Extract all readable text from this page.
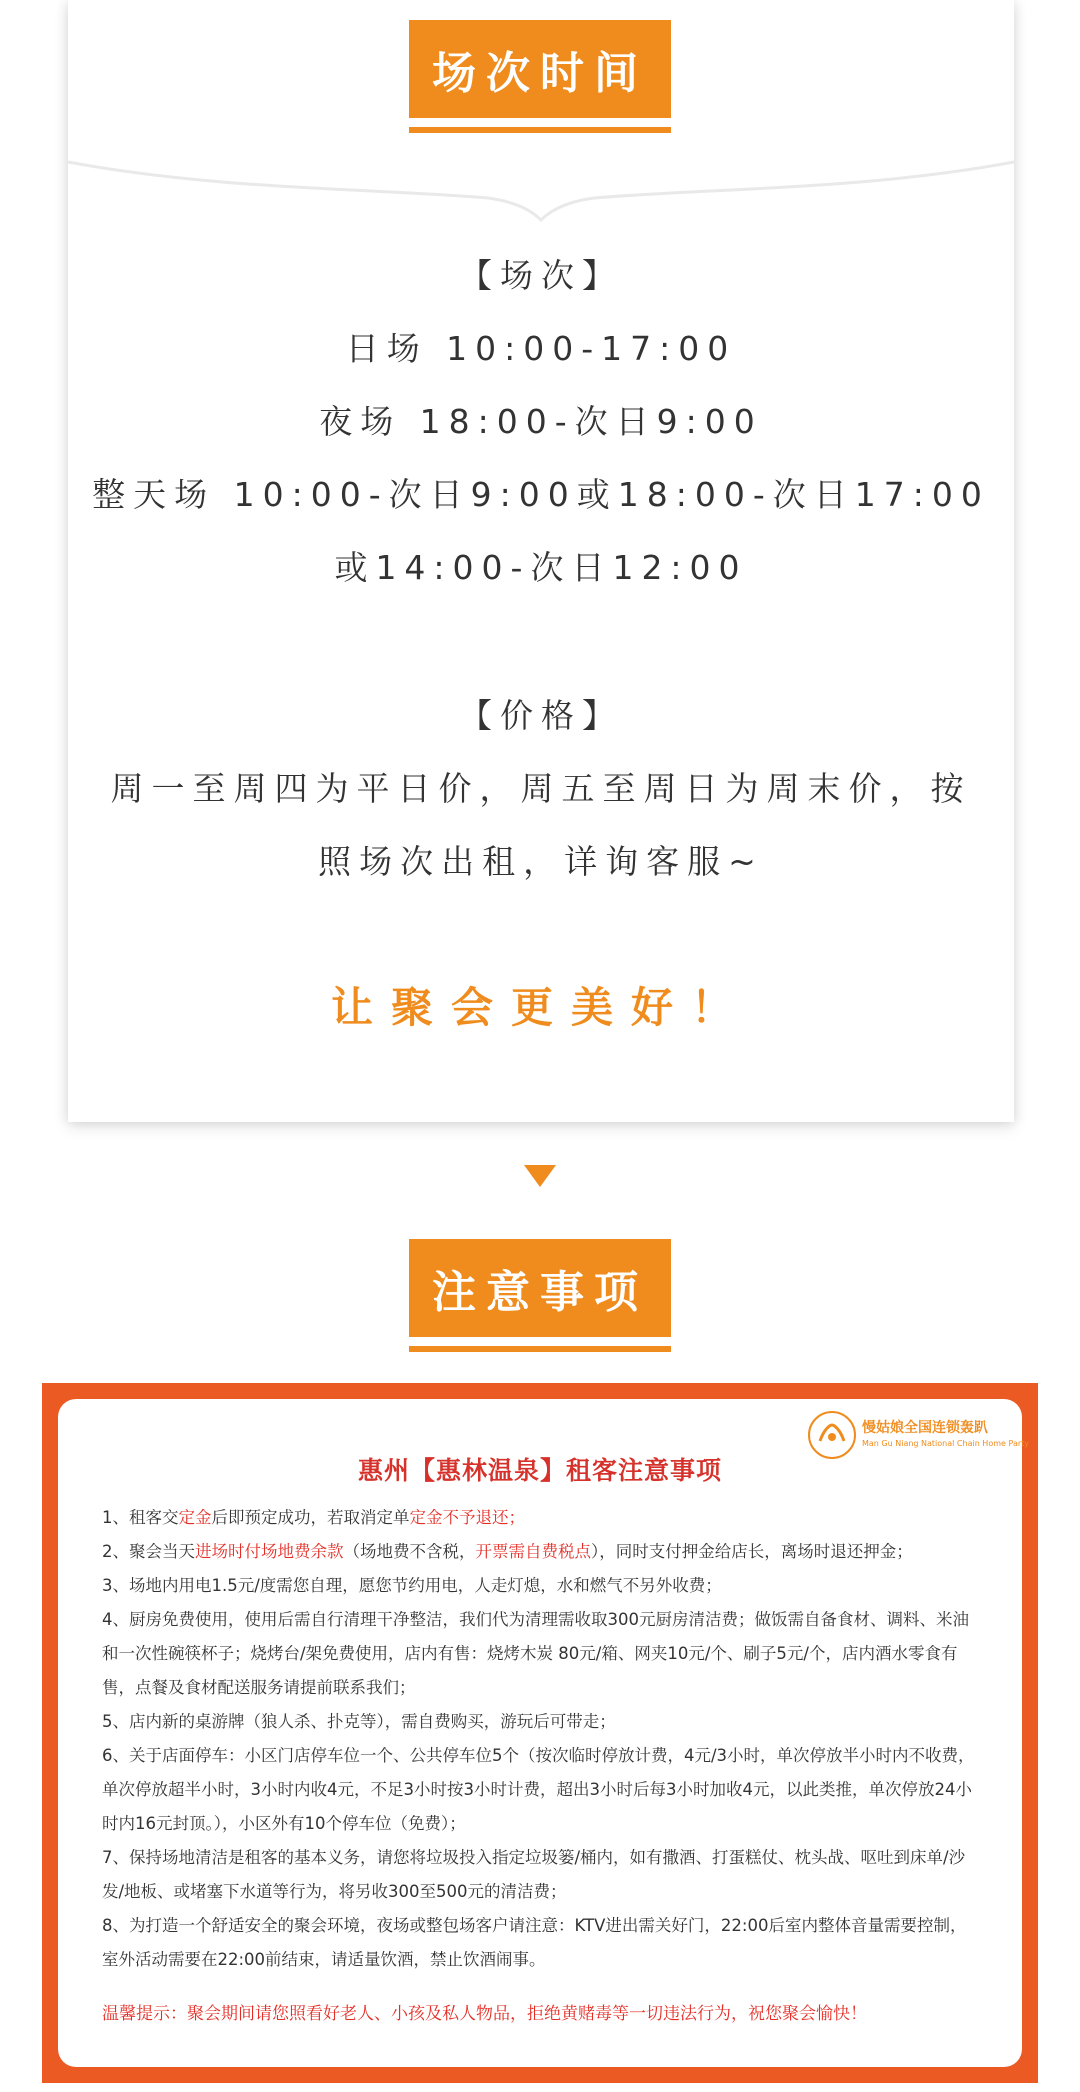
场次时间
【场次】
日场 10:00-17:00
夜场 18:00-次日9:00
整天场 10:00-次日9:00或18:00-次日17:00
或14:00-次日12:00
【价格】
周一至周四为平日价，周五至周日为周末价，按
照场次出租，详询客服~
让聚会更美好！
注意事项
慢姑娘全国连锁轰趴
Man Gu Niang National Chain Home Party
惠州【惠林温泉】租客注意事项

1、租客交定金后即预定成功，若取消定单定金不予退还；

2、聚会当天进场时付场地费余款（场地费不含税，开票需自费税点），同时支付押金给店长，离场时退还押金；

3、场地内用电1.5元/度需您自理，愿您节约用电，人走灯熄，水和燃气不另外收费；

4、厨房免费使用，使用后需自行清理干净整洁，我们代为清理需收取300元厨房清洁费；做饭需自备食材、调料、米油和一次性碗筷杯子；烧烤台/架免费使用，店内有售：烧烤木炭 80元/箱、网夹10元/个、刷子5元/个，店内酒水零食有售，点餐及食材配送服务请提前联系我们；

5、店内新的桌游牌（狼人杀、扑克等），需自费购买，游玩后可带走；

6、关于店面停车：小区门店停车位一个、公共停车位5个（按次临时停放计费，4元/3小时，单次停放半小时内不收费，单次停放超半小时，3小时内收4元，不足3小时按3小时计费，超出3小时后每3小时加收4元，以此类推，单次停放24小时内16元封顶。），小区外有10个停车位（免费）；

7、保持场地清洁是租客的基本义务，请您将垃圾投入指定垃圾篓/桶内，如有撒酒、打蛋糕仗、枕头战、呕吐到床单/沙发/地板、或堵塞下水道等行为，将另收300至500元的清洁费；

8、为打造一个舒适安全的聚会环境，夜场或整包场客户请注意：KTV进出需关好门，22:00后室内整体音量需要控制，室外活动需要在22:00前结束，请适量饮酒，禁止饮酒闹事。

温馨提示：聚会期间请您照看好老人、小孩及私人物品，拒绝黄赌毒等一切违法行为，祝您聚会愉快！
